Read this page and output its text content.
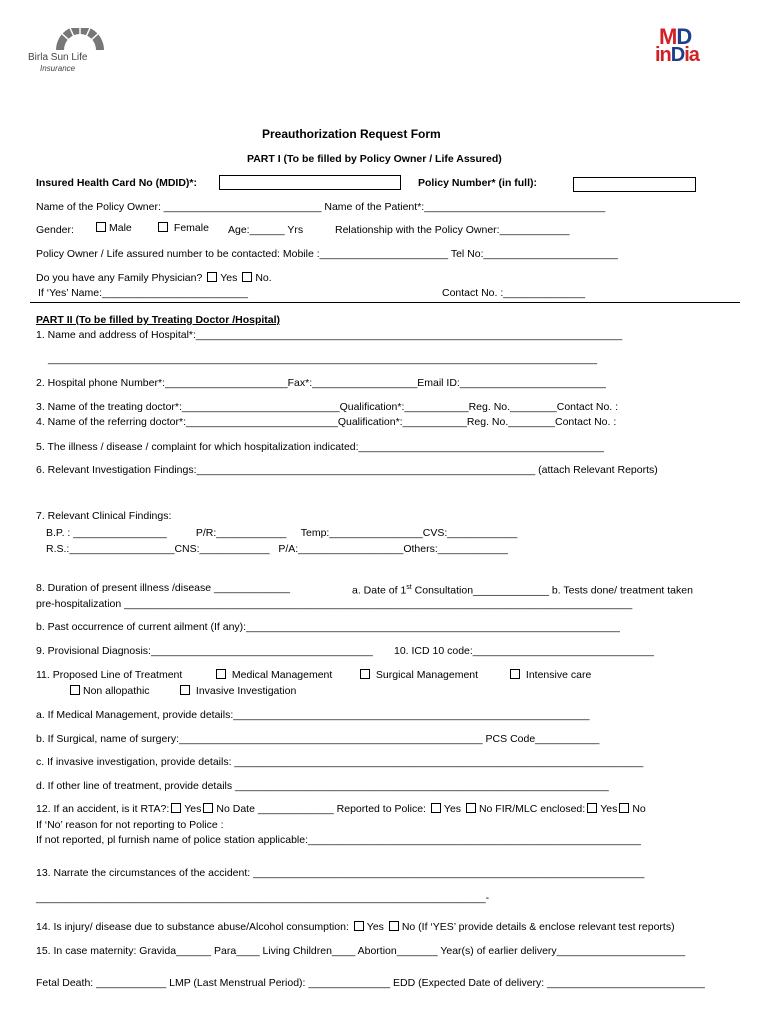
Birla Sun Life
Insurance
MD
inDia
Preauthorization Request Form
PART I (To be filled by Policy Owner / Life Assured)
Insured Health Card No (MDID)*:	Policy Number* (in full):
Name of the Policy Owner: ___________________________ Name of the Patient*:_______________________________
Gender:	Male	Female Age:______ Yrs	Relationship with the Policy Owner:____________
Policy Owner / Life assured number to be contacted: Mobile :______________________ Tel No:_______________________
Do you have any Family Physician? Yes No.
If ‘Yes’ Name:_________________________	Contact No. :______________
PART II (To be filled by Treating Doctor /Hospital)
1. Name and address of Hospital*:_________________________________________________________________________
______________________________________________________________________________________________
2. Hospital phone Number*:_____________________Fax*:__________________Email ID:_________________________
3. Name of the treating doctor*:___________________________Qualification*:___________Reg. No.________Contact No. :
4. Name of the referring doctor*:__________________________Qualification*:___________Reg. No.________Contact No. :
5. The illness / disease / complaint for which hospitalization indicated:__________________________________________
6. Relevant Investigation Findings:__________________________________________________________ (attach Relevant Reports)
7. Relevant Clinical Findings:
B.P. : ________________          P/R:____________     Temp:________________CVS:____________
R.S.:__________________CNS:____________   P/A:__________________Others:____________
8. Duration of present illness /disease _____________	a. Date of 1st Consultation_____________ b. Tests done/ treatment taken
pre-hospitalization _______________________________________________________________________________________
b. Past occurrence of current ailment (If any):________________________________________________________________
9. Provisional Diagnosis:______________________________________ 10. ICD 10 code:_______________________________
11. Proposed Line of Treatment	Medical Management	Surgical Management	Intensive care
Non allopathic	Invasive Investigation
a. If Medical Management, provide details:_____________________________________________________________
b. If Surgical, name of surgery:____________________________________________________ PCS Code___________
c. If invasive investigation, provide details: ______________________________________________________________________
d. If other line of treatment, provide details ________________________________________________________________
12. If an accident, is it RTA?: Yes No Date _____________ Reported to Police: Yes No FIR/MLC enclosed: Yes No
If ‘No’ reason for not reporting to Police :
If not reported, pl furnish name of police station applicable:_________________________________________________________
13. Narrate the circumstances of the accident: ___________________________________________________________________
_____________________________________________________________________________-
14. Is injury/ disease due to substance abuse/Alcohol consumption: Yes No (If ‘YES’ provide details & enclose relevant test reports)
15. In case maternity: Gravida______ Para____ Living Children____ Abortion_______ Year(s) of earlier delivery______________________
Fetal Death: ____________ LMP (Last Menstrual Period): ______________ EDD (Expected Date of delivery: ___________________________
